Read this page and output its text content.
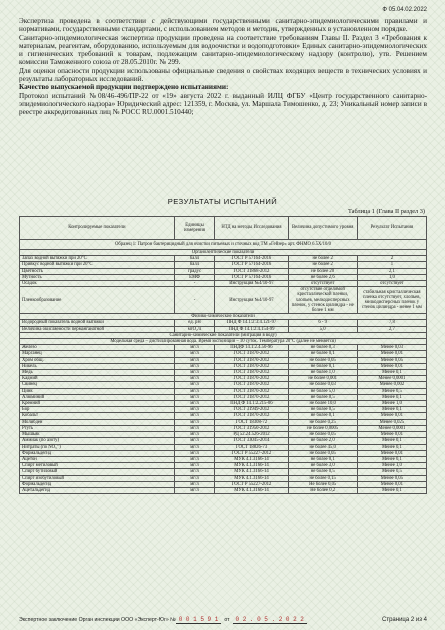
Ф 05.04.02.2022

Экспертиза проведена в соответствии с действующими государственными санитарно-эпидемиологическими правилами и нормативами, государственными стандартами, с использованием методов и методик, утвержденных в установленном порядке.

Санитарно-эпидемиологическая экспертиза продукции проведена на соответствие требованиям Главы II. Раздел 3 «Требования к материалам, реагентам, оборудованию, используемым для водоочистки и водоподготовки» Единых санитарно-эпидемиологических и гигиенических требований к товарам, подлежащим санитарно-эпидемиологическому надзору (контролю), утв. Решением комиссии Таможенного союза от 28.05.2010г. № 299.

Для оценки опасности продукции использованы официальные сведения о свойствах входящих веществ в технических условиях и результаты лабораторных исследований.

Качество выпускаемой продукции подтверждено испытаниями:

Протокол испытаний №08/46-496/ПР-22 от «19» августа 2022 г. выданный ИЛЦ ФГБУ «Центр государственного санитарно-эпидемиологического надзора» Юридический адрес: 121359, г. Москва, ул. Маршала Тимошенко, д. 23; Уникальный номер записи в реестре аккредитованных лиц № РОСС RU.0001.510440;

РЕЗУЛЬТАТЫ ИСПЫТАНИЙ
Таблица 1 (Глава II раздел 3)
Контролируемые показатели	Единицы измерения	НТД на методы Исследования	Величина допустимого уровня	Результат Испытания
Образец 1: Патрон бактерицидный для очистки питьевых и сточных вод ТМ «Гейзер» арт. ФНМО 6.5X/10/0				
Органолептические показатели				
Запах водной вытяжки при 20°С	балл	ГОСТ Р 57164-2016	не более 2	2
Привкус водной вытяжки при 20°С	балл	ГОСТ Р 57164-2016	не более 2	1
Цветность	градус	ГОСТ 31868-2012	не более 20	2,1
Мутность	ЕМФ	ГОСТ Р 57164-2016	не более 2,6	1,0
Осадок	-	Инструкция №4/10-97	отсутствует	отсутствует
Пленкообразование	-	Инструкция №4/10-97	отсутствие отделимой кристаллической пленки, хлопьев, мелкодисперсных пленок, у стенок цилиндра - не более 1 мм	стабильная кристаллическая пленка отсутствует, хлопьев, мелкодисперсных пленок у стенок цилиндра - менее 1 мм
Физико-химические показатели				
Водородный показатель водной вытяжки	ед. рН	ПНД Ф 14.1:2:3:4.121-97	6 - 9	7,8
Величина окисляемости перманганатной	мгО₂/л	ПНД Ф 14.1:2:4.154-99	5,0	2,7
Санитарно-химические показатели (миграция в воду)				
Модельная среда – дистиллированная вода. Время экспозиции – 10 суток. Температура 20°С (далее не меняется)				
Железо	мг/л	ПНДФ 14.1:2.4.50-96	не более 0,3	Менее 0,03
Марганец	мг/л	ГОСТ 31870-2012	не более 0,1	Менее 0,01
Хром общ.	мг/л	ГОСТ 31870-2012	не более 0,05	Менее 0,05
Никель	мг/л	ГОСТ 31870-2012	не более 0,1	Менее 0,01
Медь	мг/л	ГОСТ 31870-2012	не более 1,0	Менее 0,1
Кадмий	мг/л	ГОСТ 31870-2012	не более 0,001	Менее 0,0001
Свинец	мг/л	ГОСТ 31870-2012	не более 0,03	Менее 0,002
Цинк	мг/л	ГОСТ 31870-2012	не более 5,0	Менее 0,5
Алюминий	мг/л	ГОСТ 31870-2012	не более 0,5	Менее 0,1
Кремний	мг/л	ПНД Ф 14.1:2.215-06	не более 10,0	Менее 1,0
Бор	мг/л	ГОСТ 31949-2012	не более 0,5	Менее 0,1
Кобальт	мг/л	ГОСТ 31870-2012	не более 0,1	Менее 0,01
Молибден	мг/л	ГОСТ 18308-72	не более 0,25	Менее 0,025
Ртуть	мг/л	ГОСТ 31950-2012	не более 0,0005	Менее 0,0001
Мышьяк	мг/л	РД 52.24.526-2012	не более 0,05	Менее 0,01
Аммиак (по азоту)	мг/л	ГОСТ 33045-2014	не более 2,0	Менее 0,1
Нитраты (по NO₃⁻)	мг/л	ГОСТ 18826-73	не более 45,0	Менее 0,1
Формальдегид	мг/л	ГОСТ Р 55227-2012	не более 0,05	Менее 0,01
Ацетон	мг/л	МУК 4.1.3166-14	не более 0,1	Менее 0,1
Спирт метиловый	мг/л	МУК 4.1.3166-14	не более 3,0	Менее 1,0
Спирт бутиловый	мг/л	МУК 4.1.3166-14	не более 0,5	Менее 0,5
Спирт изобутиловый	мг/л	МУК 4.1.3166-14	не более 0,15	Менее 0,05
Формальдегид	мг/л	ГОСТ Р 55227-2012	Не более 0,05	Менее 0,01
Ацетальдегид	мг/л	МУК 4.1.3166-14	Не более 0,2	Менее 0,1
Экспертное заключение Орган инспекции ООО «Эксперт-Юг» № 0 0 1 5 9 1	от	0 2 . 0 5 . 2 0 2 2	Страница 2 из 4
